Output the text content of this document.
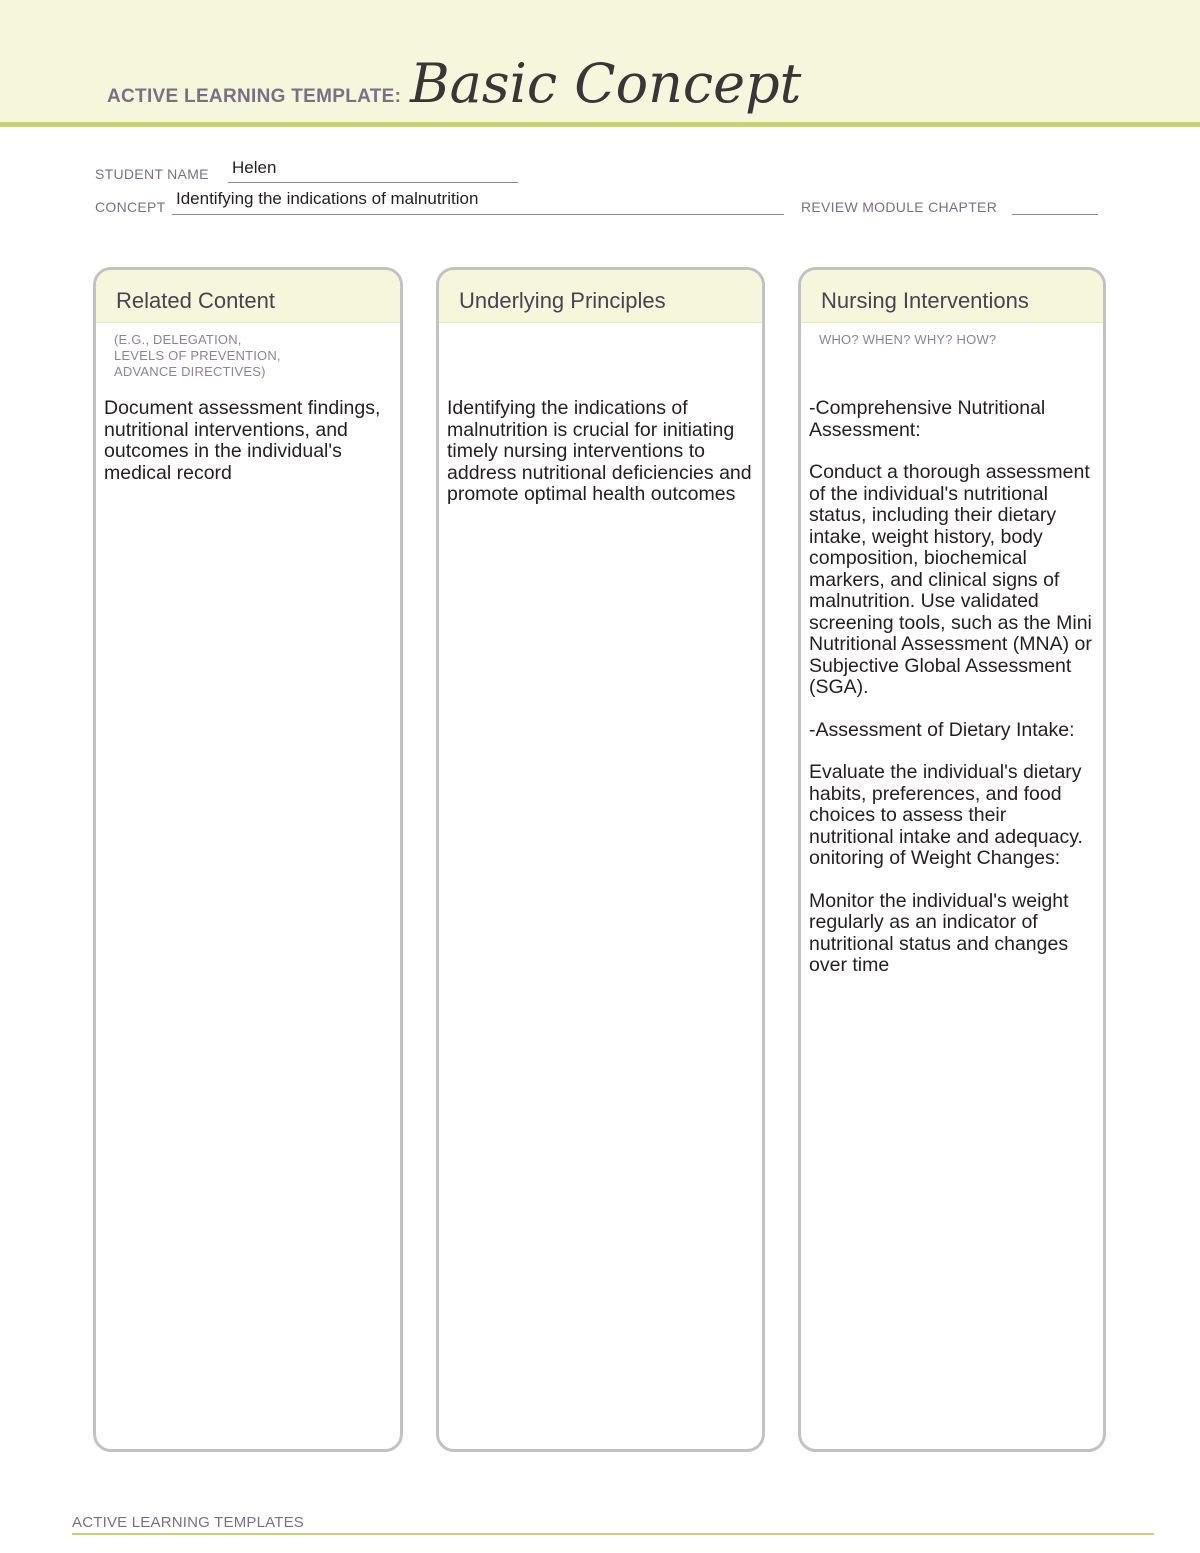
ACTIVE LEARNING TEMPLATE: Basic Concept
STUDENT NAME Helen
CONCEPT Identifying the indications of malnutrition	REVIEW MODULE CHAPTER
Related Content
(E.G., DELEGATION,
LEVELS OF PREVENTION,
ADVANCE DIRECTIVES)

Document assessment findings, nutritional interventions, and outcomes in the individual's medical record

Underlying Principles

Identifying the indications of malnutrition is crucial for initiating timely nursing interventions to address nutritional deficiencies and promote optimal health outcomes

Nursing Interventions
WHO? WHEN? WHY? HOW?

-Comprehensive Nutritional Assessment:

Conduct a thorough assessment of the individual's nutritional status, including their dietary intake, weight history, body composition, biochemical markers, and clinical signs of malnutrition. Use validated screening tools, such as the Mini Nutritional Assessment (MNA) or Subjective Global Assessment (SGA).

-Assessment of Dietary Intake:

Evaluate the individual's dietary habits, preferences, and food choices to assess their nutritional intake and adequacy.

onitoring of Weight Changes:

Monitor the individual's weight regularly as an indicator of nutritional status and changes over time

ACTIVE LEARNING TEMPLATES
